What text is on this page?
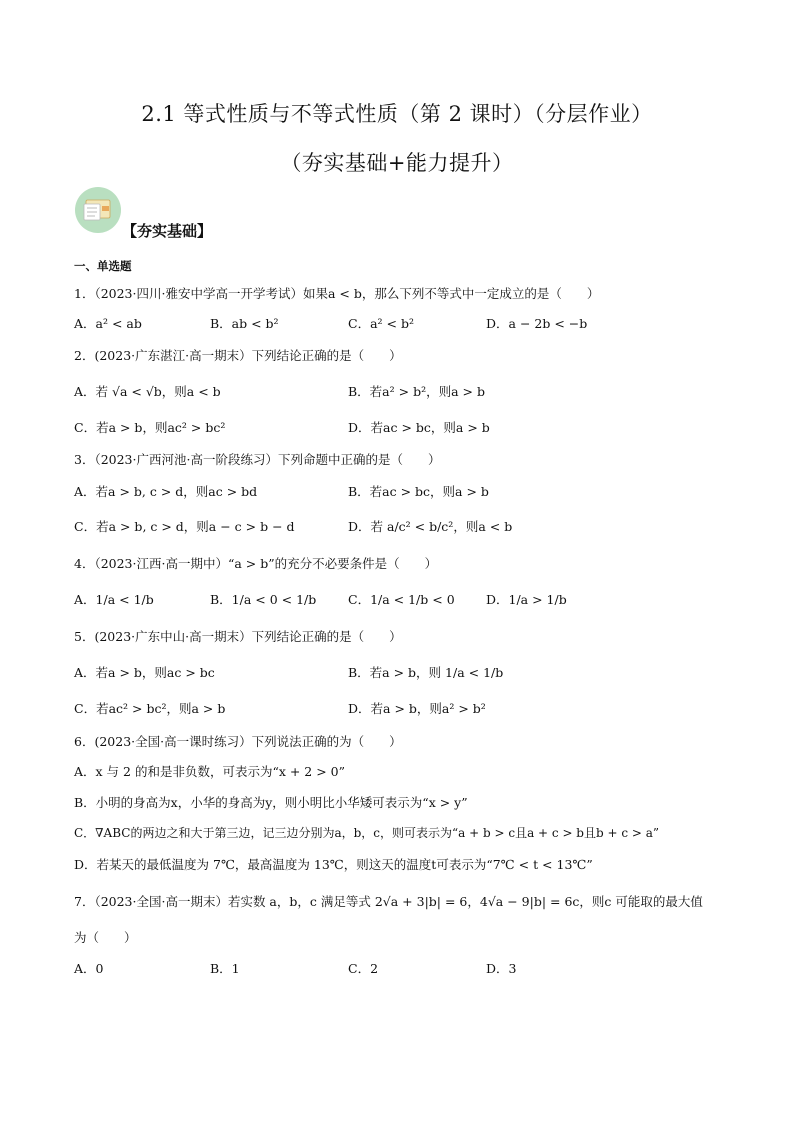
2.1 等式性质与不等式性质（第 2 课时）（分层作业）
（夯实基础+能力提升）
【夯实基础】
一、单选题
1．（2023·四川·雅安中学高一开学考试）如果a < b，那么下列不等式中一定成立的是（　　）
A．a² < ab	B．ab < b²	C．a² < b²	D．a − 2b < −b
2．(2023·广东湛江·高一期末）下列结论正确的是（　　）
A．若 √a < √b，则a < b	B．若a² > b²，则a > b
C．若a > b，则ac² > bc²	D．若ac > bc，则a > b
3．（2023·广西河池·高一阶段练习）下列命题中正确的是（　　）
A．若a > b, c > d，则ac > bd	B．若ac > bc，则a > b
C．若a > b, c > d，则a − c > b − d	D．若 a/c² < b/c²，则a < b
4．（2023·江西·高一期中）“a > b”的充分不必要条件是（　　）
A．1/a < 1/b	B．1/a < 0 < 1/b	C．1/a < 1/b < 0	D．1/a > 1/b
5．(2023·广东中山·高一期末）下列结论正确的是（　　）
A．若a > b，则ac > bc	B．若a > b，则 1/a < 1/b
C．若ac² > bc²，则a > b	D．若a > b，则a² > b²
6．(2023·全国·高一课时练习）下列说法正确的为（　　）
A．x 与 2 的和是非负数，可表示为“x + 2 > 0”
B．小明的身高为x，小华的身高为y，则小明比小华矮可表示为“x > y”
C．∇ABC的两边之和大于第三边，记三边分别为a，b，c，则可表示为“a + b > c且a + c > b且b + c > a”
D．若某天的最低温度为 7℃，最高温度为 13℃，则这天的温度t可表示为“7℃ < t < 13℃”
7．（2023·全国·高一期末）若实数 a，b，c 满足等式 2√a + 3|b| = 6，4√a − 9|b| = 6c，则c 可能取的最大值
为（　　）
A．0	B．1	C．2	D．3
